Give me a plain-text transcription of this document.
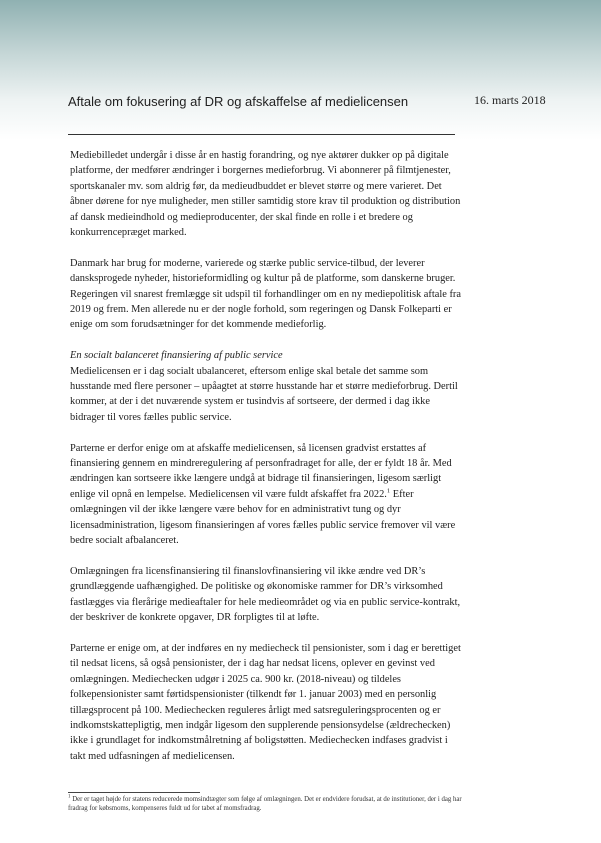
Aftale om fokusering af DR og afskaffelse af medielicensen	16. marts 2018

Mediebilledet undergår i disse år en hastig forandring, og nye aktører dukker op på digitale platforme, der medfører ændringer i borgernes medieforbrug. Vi abonnerer på filmtjenester, sportskanaler mv. som aldrig før, da medieudbuddet er blevet større og mere varieret. Det åbner dørene for nye muligheder, men stiller samtidig store krav til produktion og distribution af dansk medieindhold og medieproducenter, der skal finde en rolle i et bredere og konkurrencepræget marked.

Danmark har brug for moderne, varierede og stærke public service-tilbud, der leverer dansksprogede nyheder, historieformidling og kultur på de platforme, som danskerne bruger. Regeringen vil snarest fremlægge sit udspil til forhandlinger om en ny mediepolitisk aftale fra 2019 og frem. Men allerede nu er der nogle forhold, som regeringen og Dansk Folkeparti er enige om som forudsætninger for det kommende medieforlig.

En socialt balanceret finansiering af public service

Medielicensen er i dag socialt ubalanceret, eftersom enlige skal betale det samme som husstande med flere personer – upåagtet at større husstande har et større medieforbrug. Dertil kommer, at der i det nuværende system er tusindvis af sortseere, der dermed i dag ikke bidrager til vores fælles public service.

Parterne er derfor enige om at afskaffe medielicensen, så licensen gradvist erstattes af finansiering gennem en mindreregulering af personfradraget for alle, der er fyldt 18 år. Med ændringen kan sortseere ikke længere undgå at bidrage til finansieringen, ligesom særligt enlige vil opnå en lempelse. Medielicensen vil være fuldt afskaffet fra 2022.$^1$ Efter omlægningen vil der ikke længere være behov for en administrativt tung og dyr licensadministration, ligesom finansieringen af vores fælles public service fremover vil være bedre socialt afbalanceret.

Omlægningen fra licensfinansiering til finanslovfinansiering vil ikke ændre ved DR’s grundlæggende uafhængighed. De politiske og økonomiske rammer for DR’s virksomhed fastlægges via flerårige medieaftaler for hele medieområdet og via en public service-kontrakt, der beskriver de konkrete opgaver, DR forpligtes til at løfte.

Parterne er enige om, at der indføres en ny mediecheck til pensionister, som i dag er berettiget til nedsat licens, så også pensionister, der i dag har nedsat licens, oplever en gevinst ved omlægningen. Mediechecken udgør i 2025 ca. 900 kr. (2018-niveau) og tildeles folkepensionister samt førtidspensionister (tilkendt før 1. januar 2003) med en personlig tillægsprocent på 100. Mediechecken reguleres årligt med satsreguleringsprocenten og er indkomstskattepligtig, men indgår ligesom den supplerende pensionsydelse (ældrechecken) ikke i grundlaget for indkomstmålretning af boligstøtten. Mediechecken indfases gradvist i takt med udfasningen af medielicensen.

$^1$ Der er taget højde for statens reducerede momsindtægter som følge af omlægningen. Det er endvidere forudsat, at de institutioner, der i dag har fradrag for købsmoms, kompenseres fuldt ud for tabet af momsfradrag.
